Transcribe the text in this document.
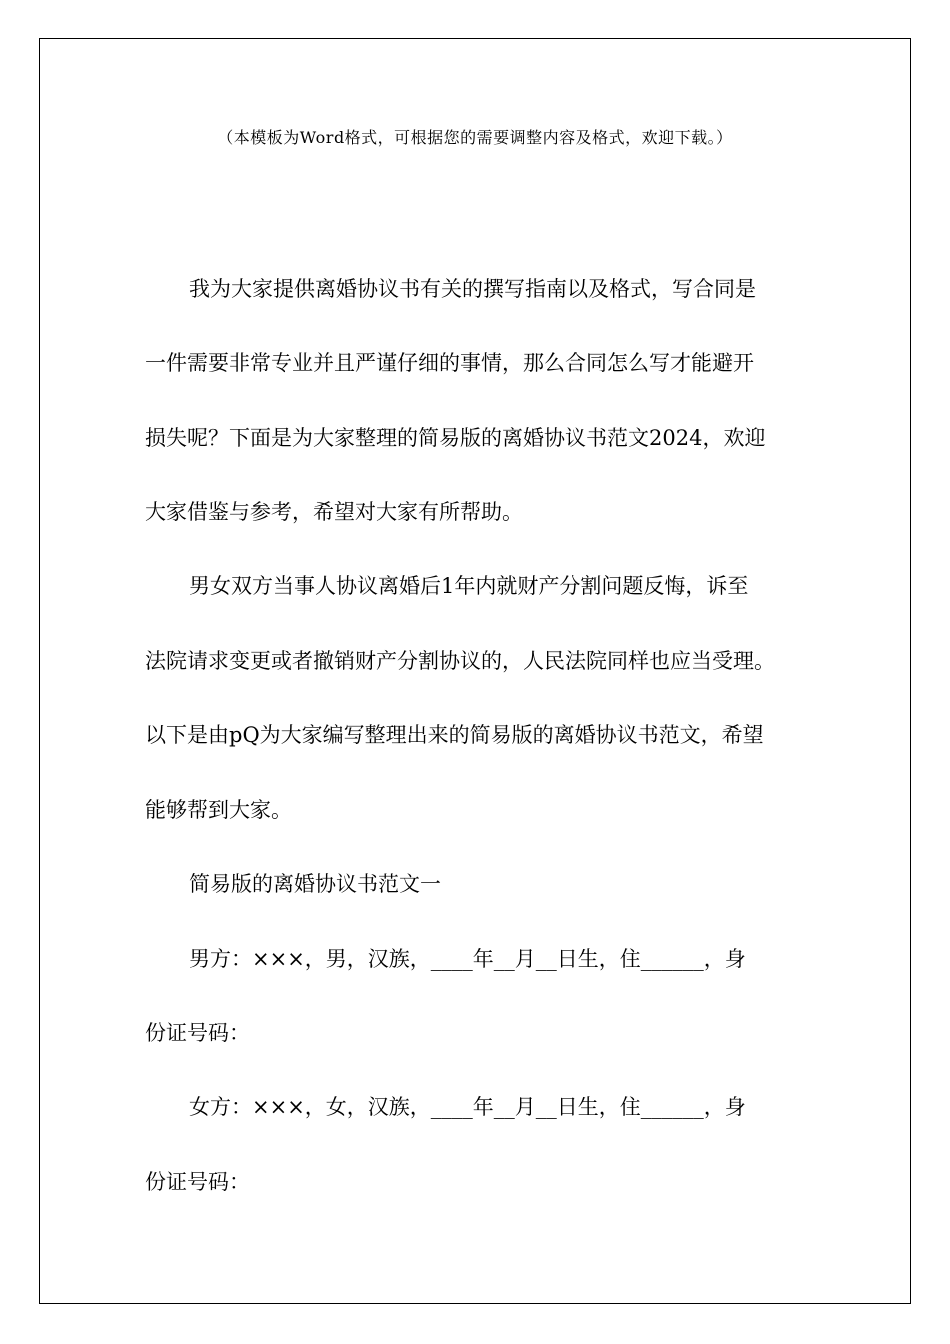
（本模板为Word格式，可根据您的需要调整内容及格式，欢迎下载。）
我为大家提供离婚协议书有关的撰写指南以及格式，写合同是
一件需要非常专业并且严谨仔细的事情，那么合同怎么写才能避开
损失呢？下面是为大家整理的简易版的离婚协议书范文2024，欢迎
大家借鉴与参考，希望对大家有所帮助。
男女双方当事人协议离婚后1年内就财产分割问题反悔，诉至
法院请求变更或者撤销财产分割协议的，人民法院同样也应当受理。
以下是由pQ为大家编写整理出来的简易版的离婚协议书范文，希望
能够帮到大家。
简易版的离婚协议书范文一
男方：×××，男，汉族，____年__月__日生，住______，身
份证号码：
女方：×××，女，汉族，____年__月__日生，住______，身
份证号码：
